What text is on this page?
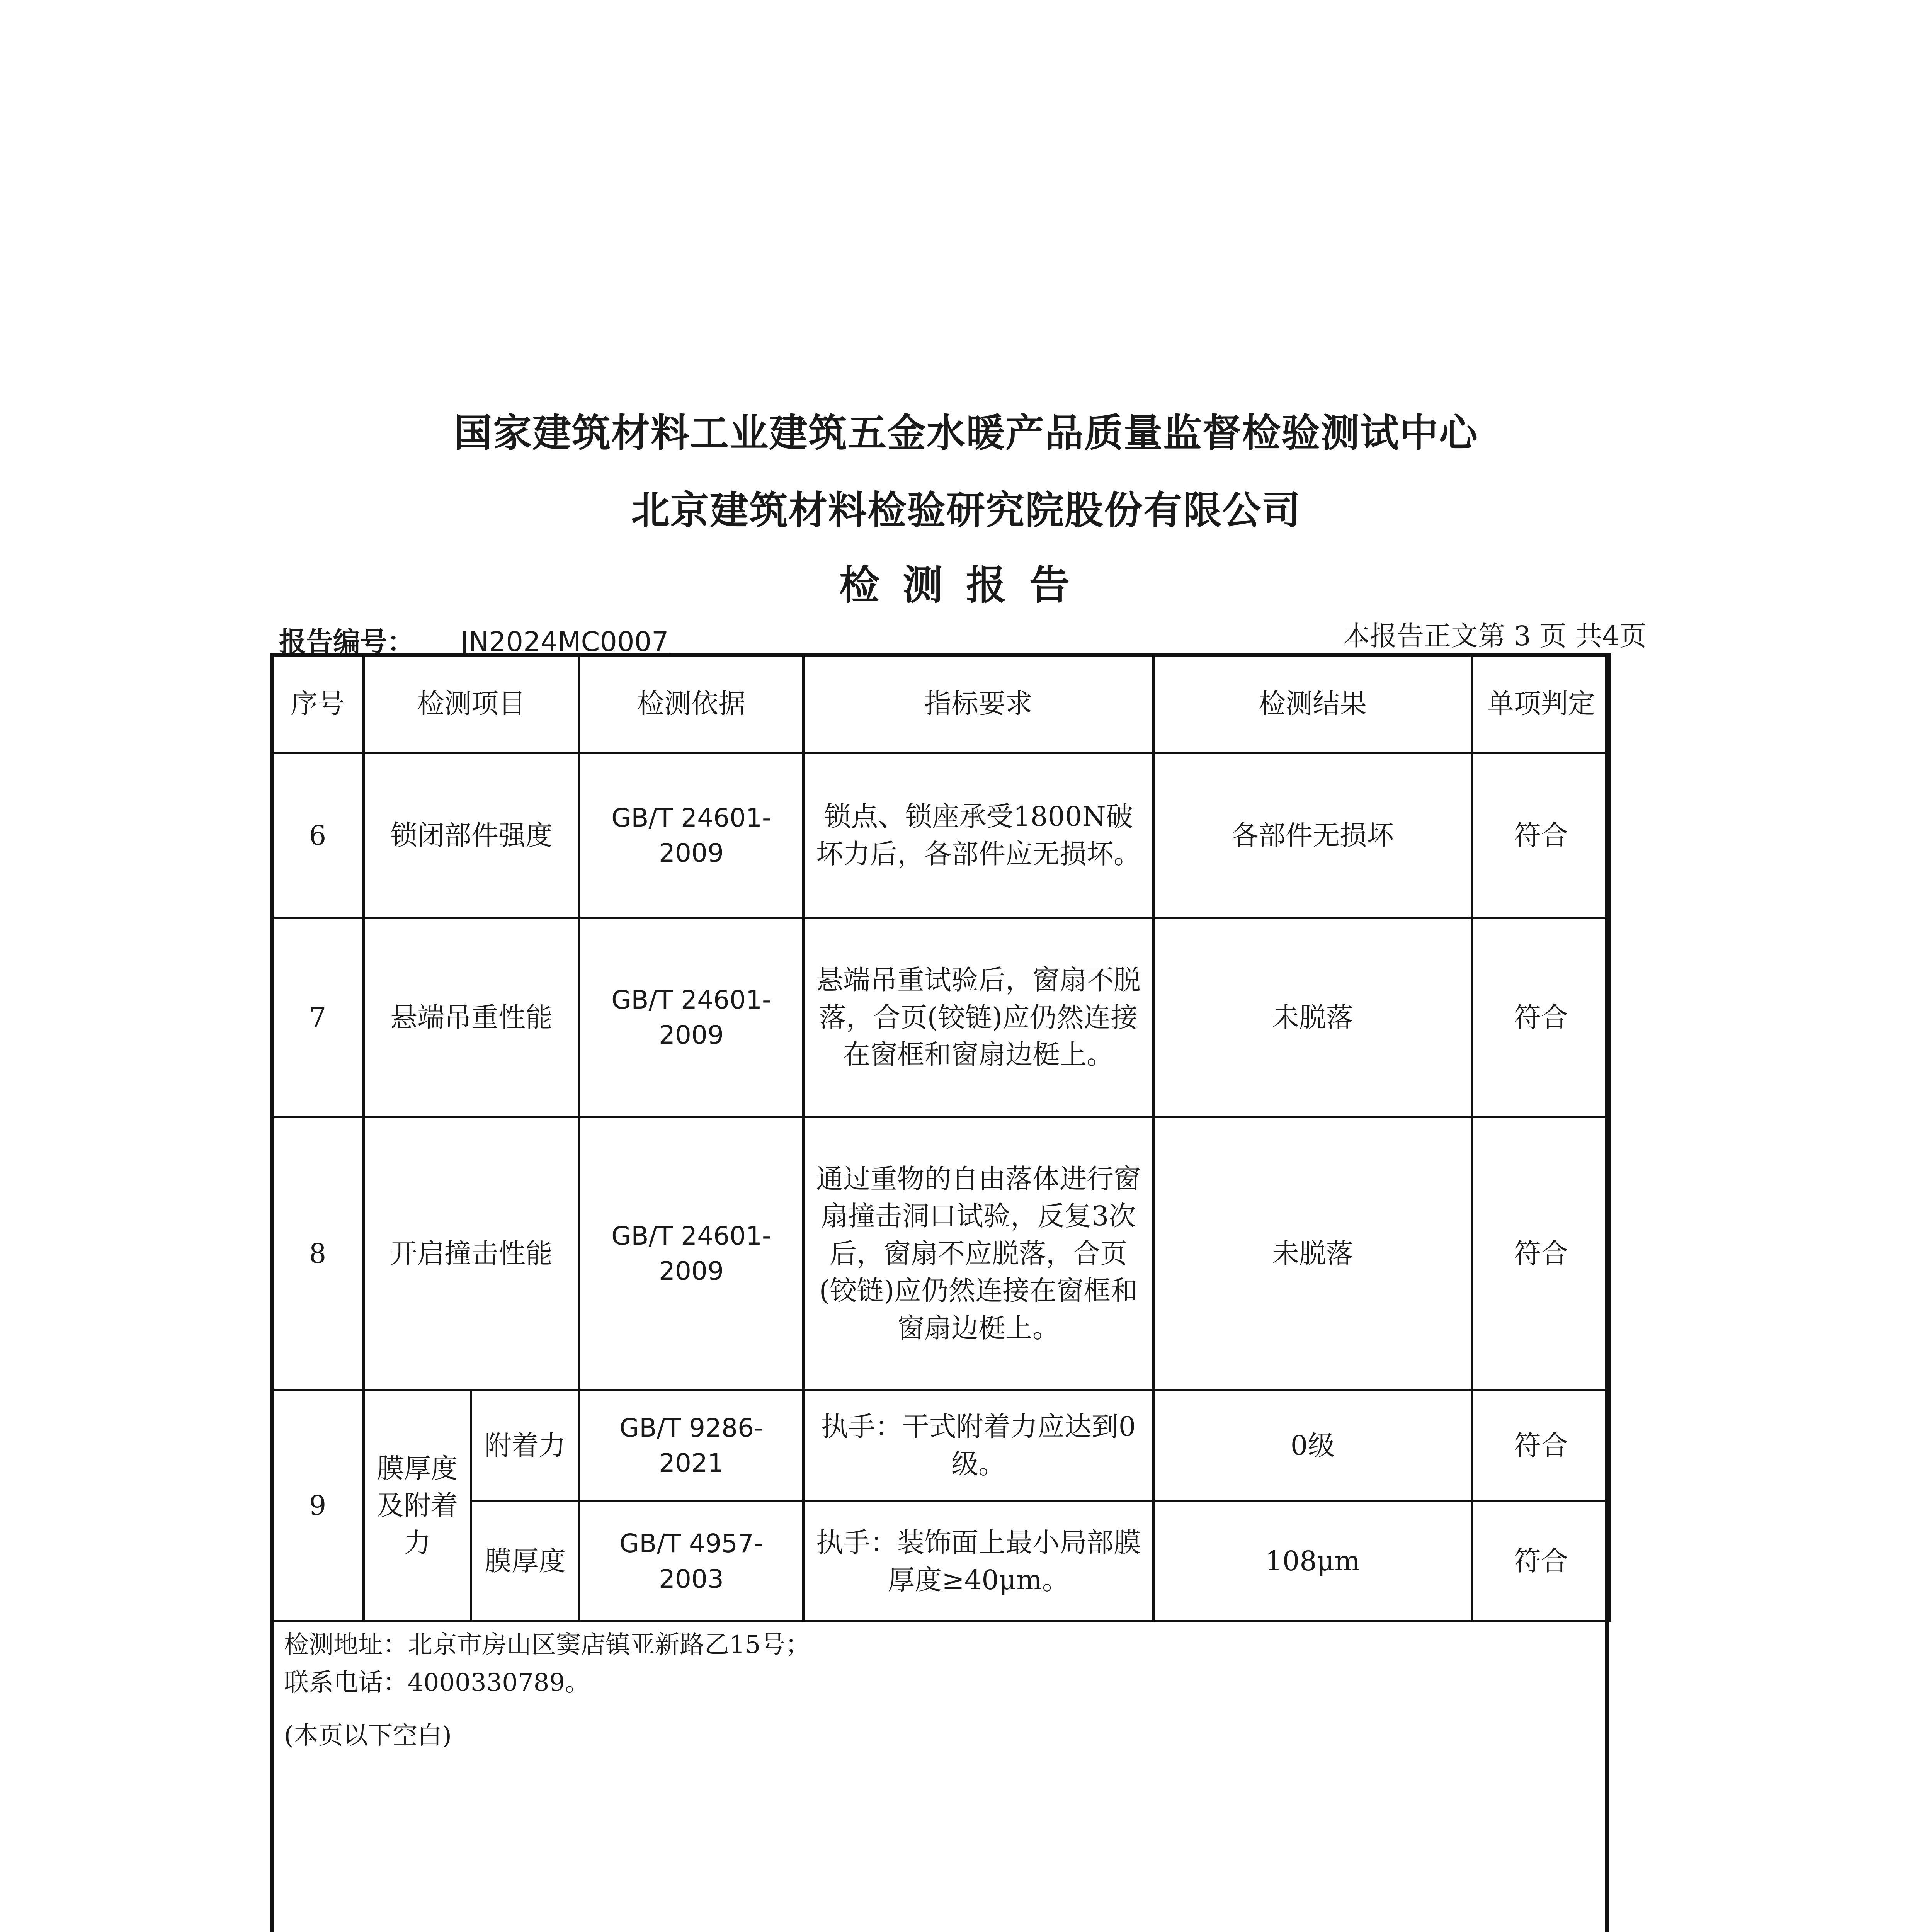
国家建筑材料工业建筑五金水暖产品质量监督检验测试中心
北京建筑材料检验研究院股份有限公司
检测报告
报告编号： JN2024MC0007	本报告正文第 3 页 共4页
序号	检测项目		检测依据	指标要求	检测结果	单项判定
6	锁闭部件强度		GB/T 24601-2009	锁点、锁座承受1800N破坏力后，各部件应无损坏。	各部件无损坏	符合
7	悬端吊重性能		GB/T 24601-2009	悬端吊重试验后，窗扇不脱落，合页(铰链)应仍然连接在窗框和窗扇边梃上。	未脱落	符合
8	开启撞击性能		GB/T 24601-2009	通过重物的自由落体进行窗扇撞击洞口试验，反复3次后，窗扇不应脱落，合页(铰链)应仍然连接在窗框和窗扇边梃上。	未脱落	符合
9	膜厚度及附着力	附着力	GB/T 9286-2021	执手：干式附着力应达到0级。	0级	符合
		膜厚度	GB/T 4957-2003	执手：装饰面上最小局部膜厚度≥40μm。	108μm	符合
检测地址：北京市房山区窦店镇亚新路乙15号；
联系电话：4000330789。
(本页以下空白)
